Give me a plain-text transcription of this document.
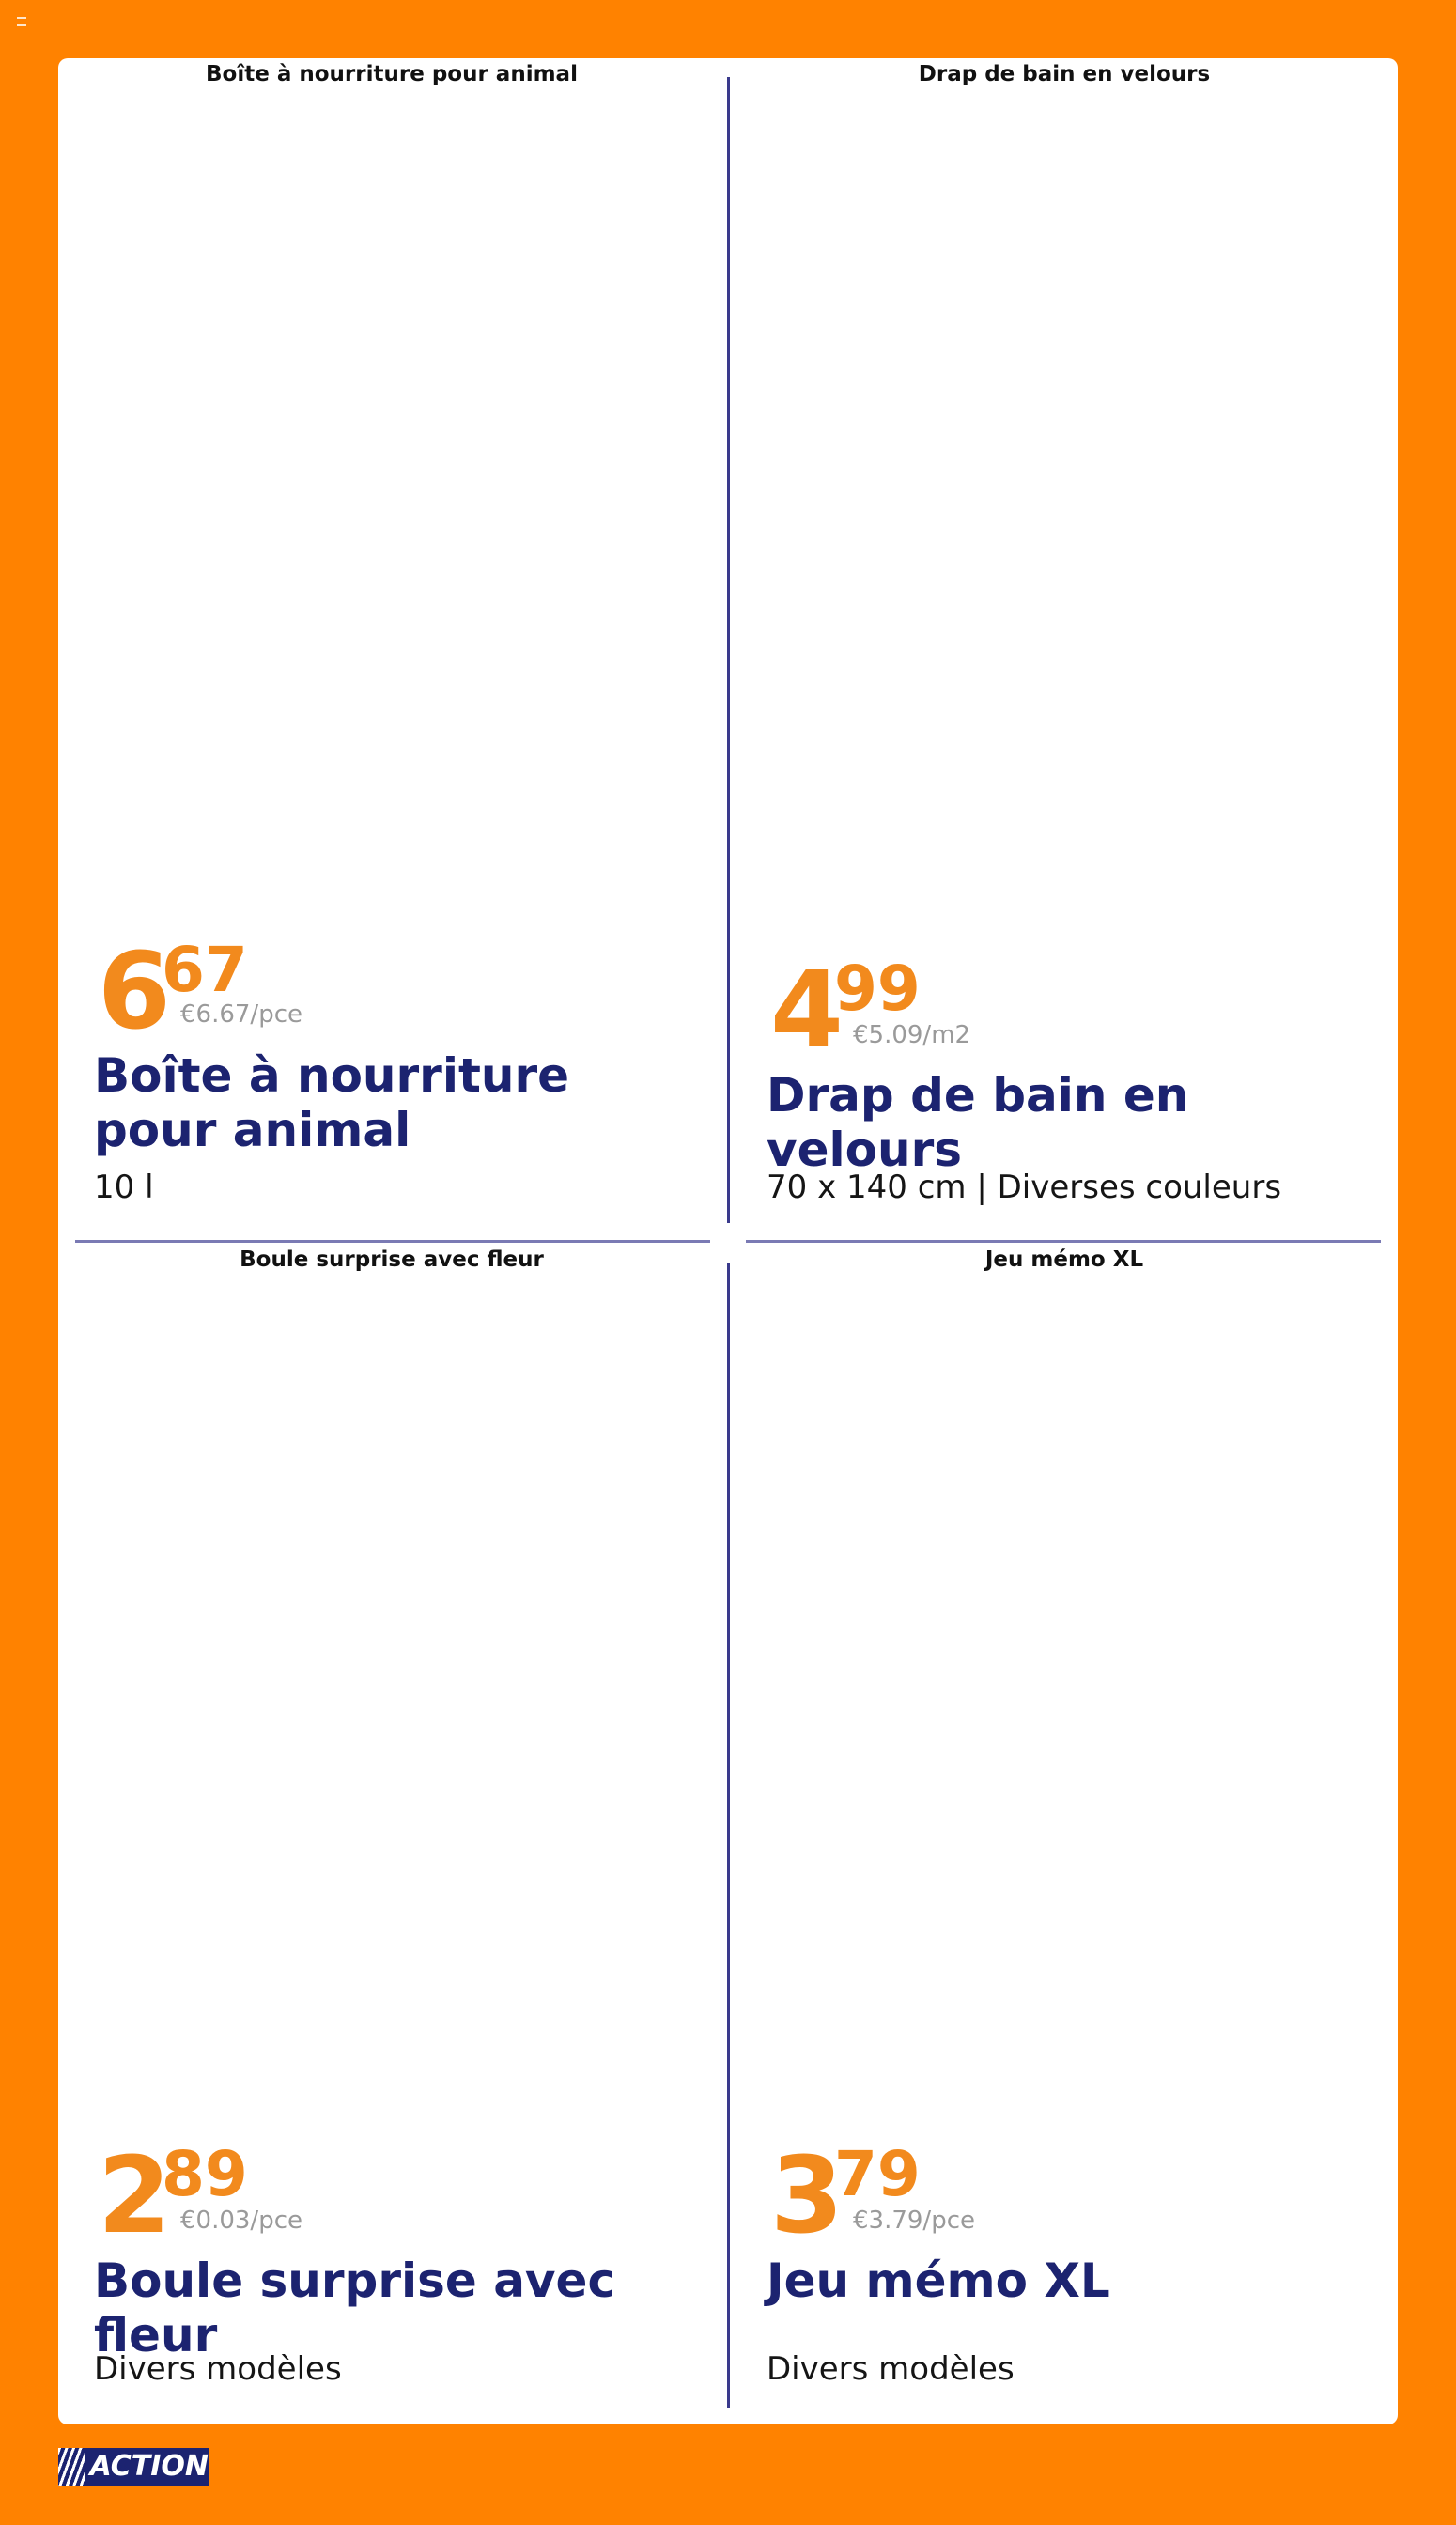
Boîte à nourriture pour animal
6
67
€6.67/pce
Boîte à nourriture pour animal
10 l
Drap de bain en velours
4
99
€5.09/m2
Drap de bain en velours
70 x 140 cm | Diverses couleurs
Boule surprise avec fleur
2
89
€0.03/pce
Boule surprise avec fleur
Divers modèles
Jeu mémo XL
3
79
€3.79/pce
Jeu mémo XL
Divers modèles
ACTION
